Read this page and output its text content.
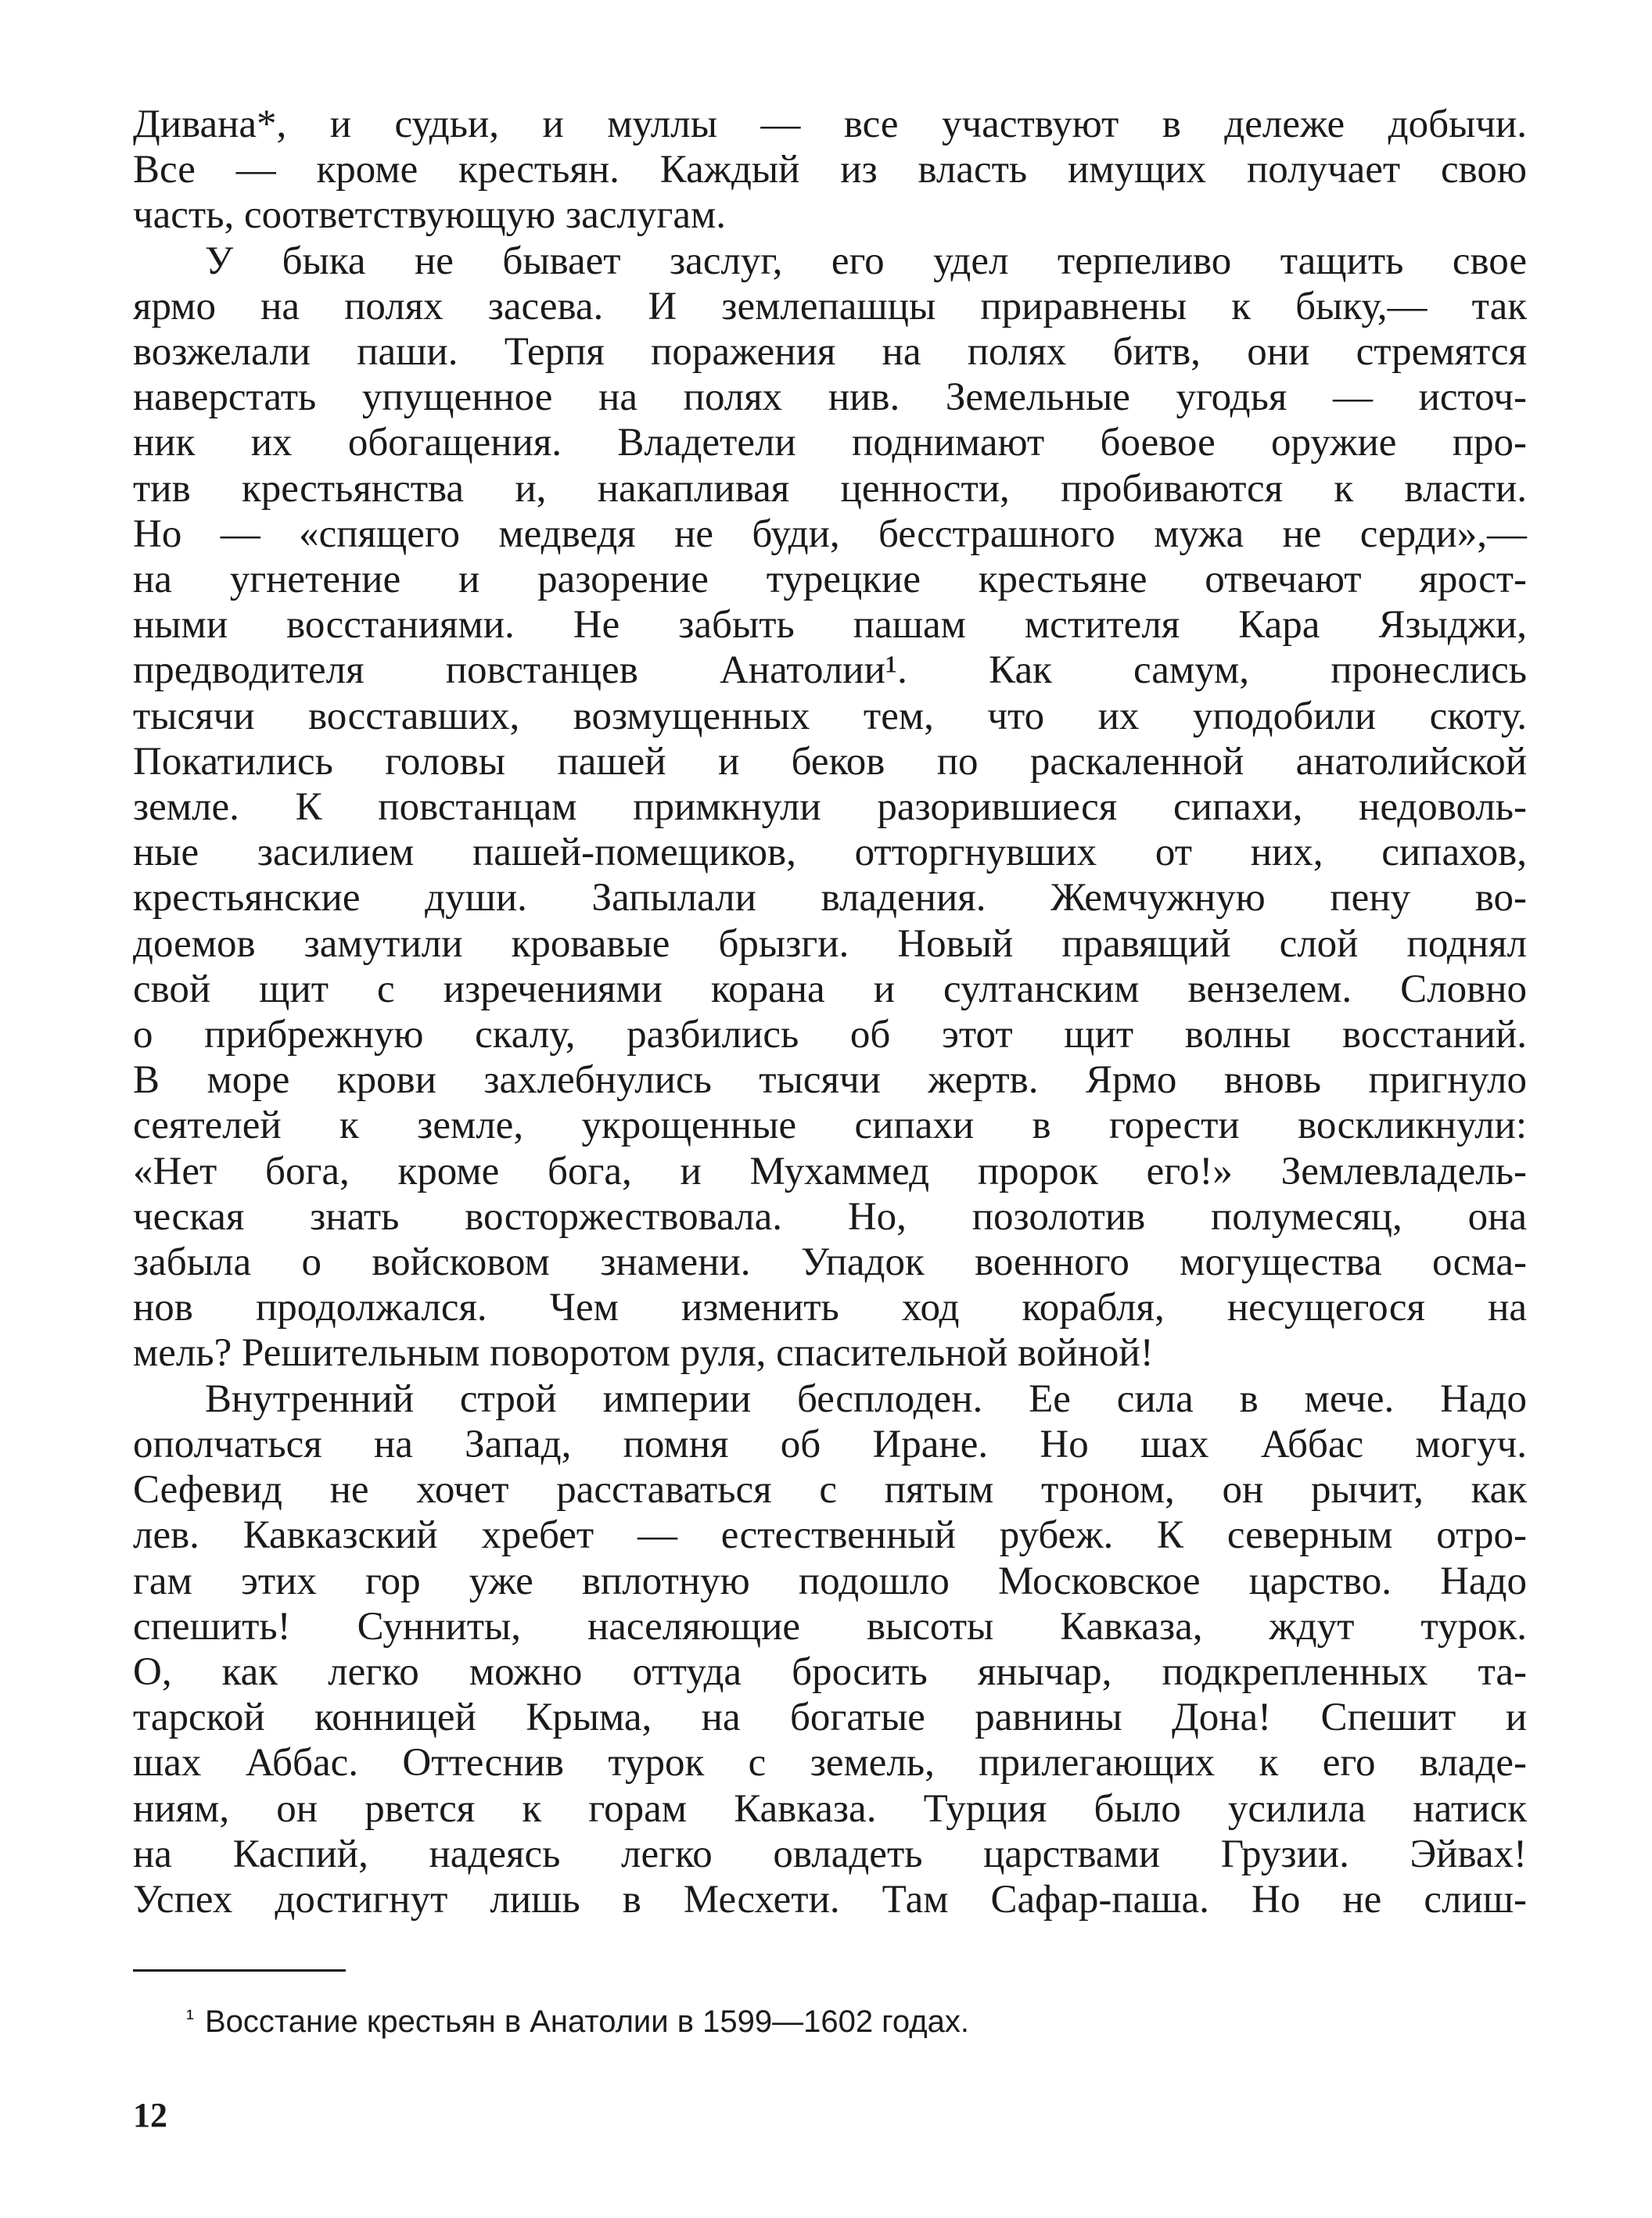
Дивана*, и судьи, и муллы — все участвуют в дележе добычи.
Все — кроме крестьян. Каждый из власть имущих получает свою
часть, соответствующую заслугам.

У быка не бывает заслуг, его удел терпеливо тащить свое
ярмо на полях засева. И землепашцы приравнены к быку,— так
возжелали паши. Терпя поражения на полях битв, они стремятся
наверстать упущенное на полях нив. Земельные угодья — источ-
ник их обогащения. Владетели поднимают боевое оружие про-
тив крестьянства и, накапливая ценности, пробиваются к власти.
Но — «спящего медведя не буди, бесстрашного мужа не серди»,—
на угнетение и разорение турецкие крестьяне отвечают ярост-
ными восстаниями. Не забыть пашам мстителя Кара Языджи,
предводителя повстанцев Анатолии¹. Как самум, пронеслись
тысячи восставших, возмущенных тем, что их уподобили скоту.
Покатились головы пашей и беков по раскаленной анатолийской
земле. К повстанцам примкнули разорившиеся сипахи, недоволь-
ные засилием пашей-помещиков, отторгнувших от них, сипахов,
крестьянские души. Запылали владения. Жемчужную пену во-
доемов замутили кровавые брызги. Новый правящий слой поднял
свой щит с изречениями корана и султанским вензелем. Словно
о прибрежную скалу, разбились об этот щит волны восстаний.
В море крови захлебнулись тысячи жертв. Ярмо вновь пригнуло
сеятелей к земле, укрощенные сипахи в горести воскликнули:
«Нет бога, кроме бога, и Мухаммед пророк его!» Землевладель-
ческая знать восторжествовала. Но, позолотив полумесяц, она
забыла о войсковом знамени. Упадок военного могущества осма-
нов продолжался. Чем изменить ход корабля, несущегося на
мель? Решительным поворотом руля, спасительной войной!

Внутренний строй империи бесплоден. Ее сила в мече. Надо
ополчаться на Запад, помня об Иране. Но шах Аббас могуч.
Сефевид не хочет расставаться с пятым троном, он рычит, как
лев. Кавказский хребет — естественный рубеж. К северным отро-
гам этих гор уже вплотную подошло Московское царство. Надо
спешить! Сунниты, населяющие высоты Кавказа, ждут турок.
О, как легко можно оттуда бросить янычар, подкрепленных та-
тарской конницей Крыма, на богатые равнины Дона! Спешит и
шах Аббас. Оттеснив турок с земель, прилегающих к его владе-
ниям, он рвется к горам Кавказа. Турция было усилила натиск
на Каспий, надеясь легко овладеть царствами Грузии. Эйвах!
Успех достигнут лишь в Месхети. Там Сафар-паша. Но не слиш-

¹ Восстание крестьян в Анатолии в 1599—1602 годах.
12
